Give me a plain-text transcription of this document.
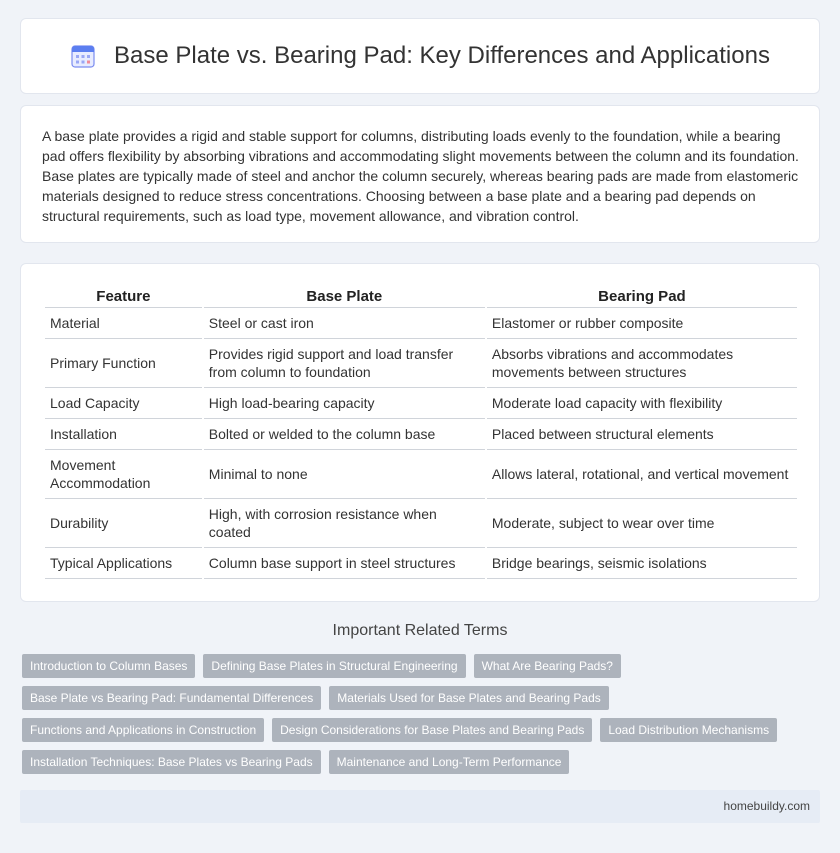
Base Plate vs. Bearing Pad: Key Differences and Applications

A base plate provides a rigid and stable support for columns, distributing loads evenly to the foundation, while a bearing pad offers flexibility by absorbing vibrations and accommodating slight movements between the column and its foundation. Base plates are typically made of steel and anchor the column securely, whereas bearing pads are made from elastomeric materials designed to reduce stress concentrations. Choosing between a base plate and a bearing pad depends on structural requirements, such as load type, movement allowance, and vibration control.

Feature	Base Plate	Bearing Pad
Material	Steel or cast iron	Elastomer or rubber composite
Primary Function	Provides rigid support and load transfer from column to foundation	Absorbs vibrations and accommodates movements between structures
Load Capacity	High load-bearing capacity	Moderate load capacity with flexibility
Installation	Bolted or welded to the column base	Placed between structural elements
Movement Accommodation	Minimal to none	Allows lateral, rotational, and vertical movement
Durability	High, with corrosion resistance when coated	Moderate, subject to wear over time
Typical Applications	Column base support in steel structures	Bridge bearings, seismic isolations
Important Related Terms
Introduction to Column Bases	Defining Base Plates in Structural Engineering	What Are Bearing Pads?
Base Plate vs Bearing Pad: Fundamental Differences	Materials Used for Base Plates and Bearing Pads
Functions and Applications in Construction	Design Considerations for Base Plates and Bearing Pads	Load Distribution Mechanisms
Installation Techniques: Base Plates vs Bearing Pads	Maintenance and Long-Term Performance
homebuildy.com
